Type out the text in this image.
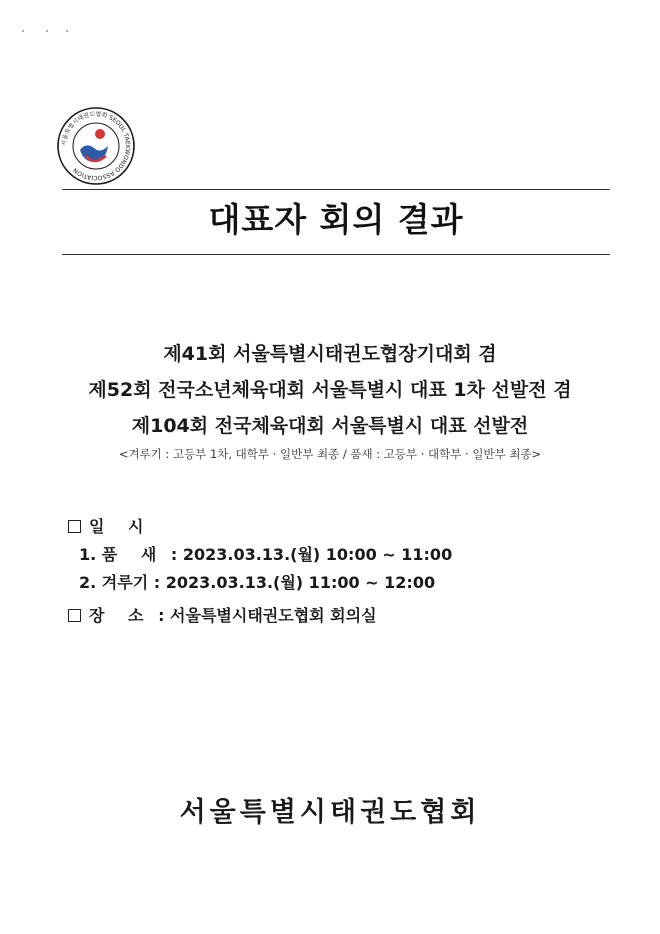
서울특별시태권도협회 SEOUL TAEKWONDO ASSOCIATION
대표자 회의 결과
제41회 서울특별시태권도협장기대회 겸
제52회 전국소년체육대회 서울특별시 대표 1차 선발전 겸
제104회 전국체육대회 서울특별시 대표 선발전
<겨루기 : 고등부 1차, 대학부 · 일반부 최종 / 품새 : 고등부 · 대학부 · 일반부 최종>
일 시
1. 품 새 : 2023.03.13.(월) 10:00 ~ 11:00
2. 겨루기 : 2023.03.13.(월) 11:00 ~ 12:00
장 소 : 서울특별시태권도협회 회의실
서울특별시태권도협회
